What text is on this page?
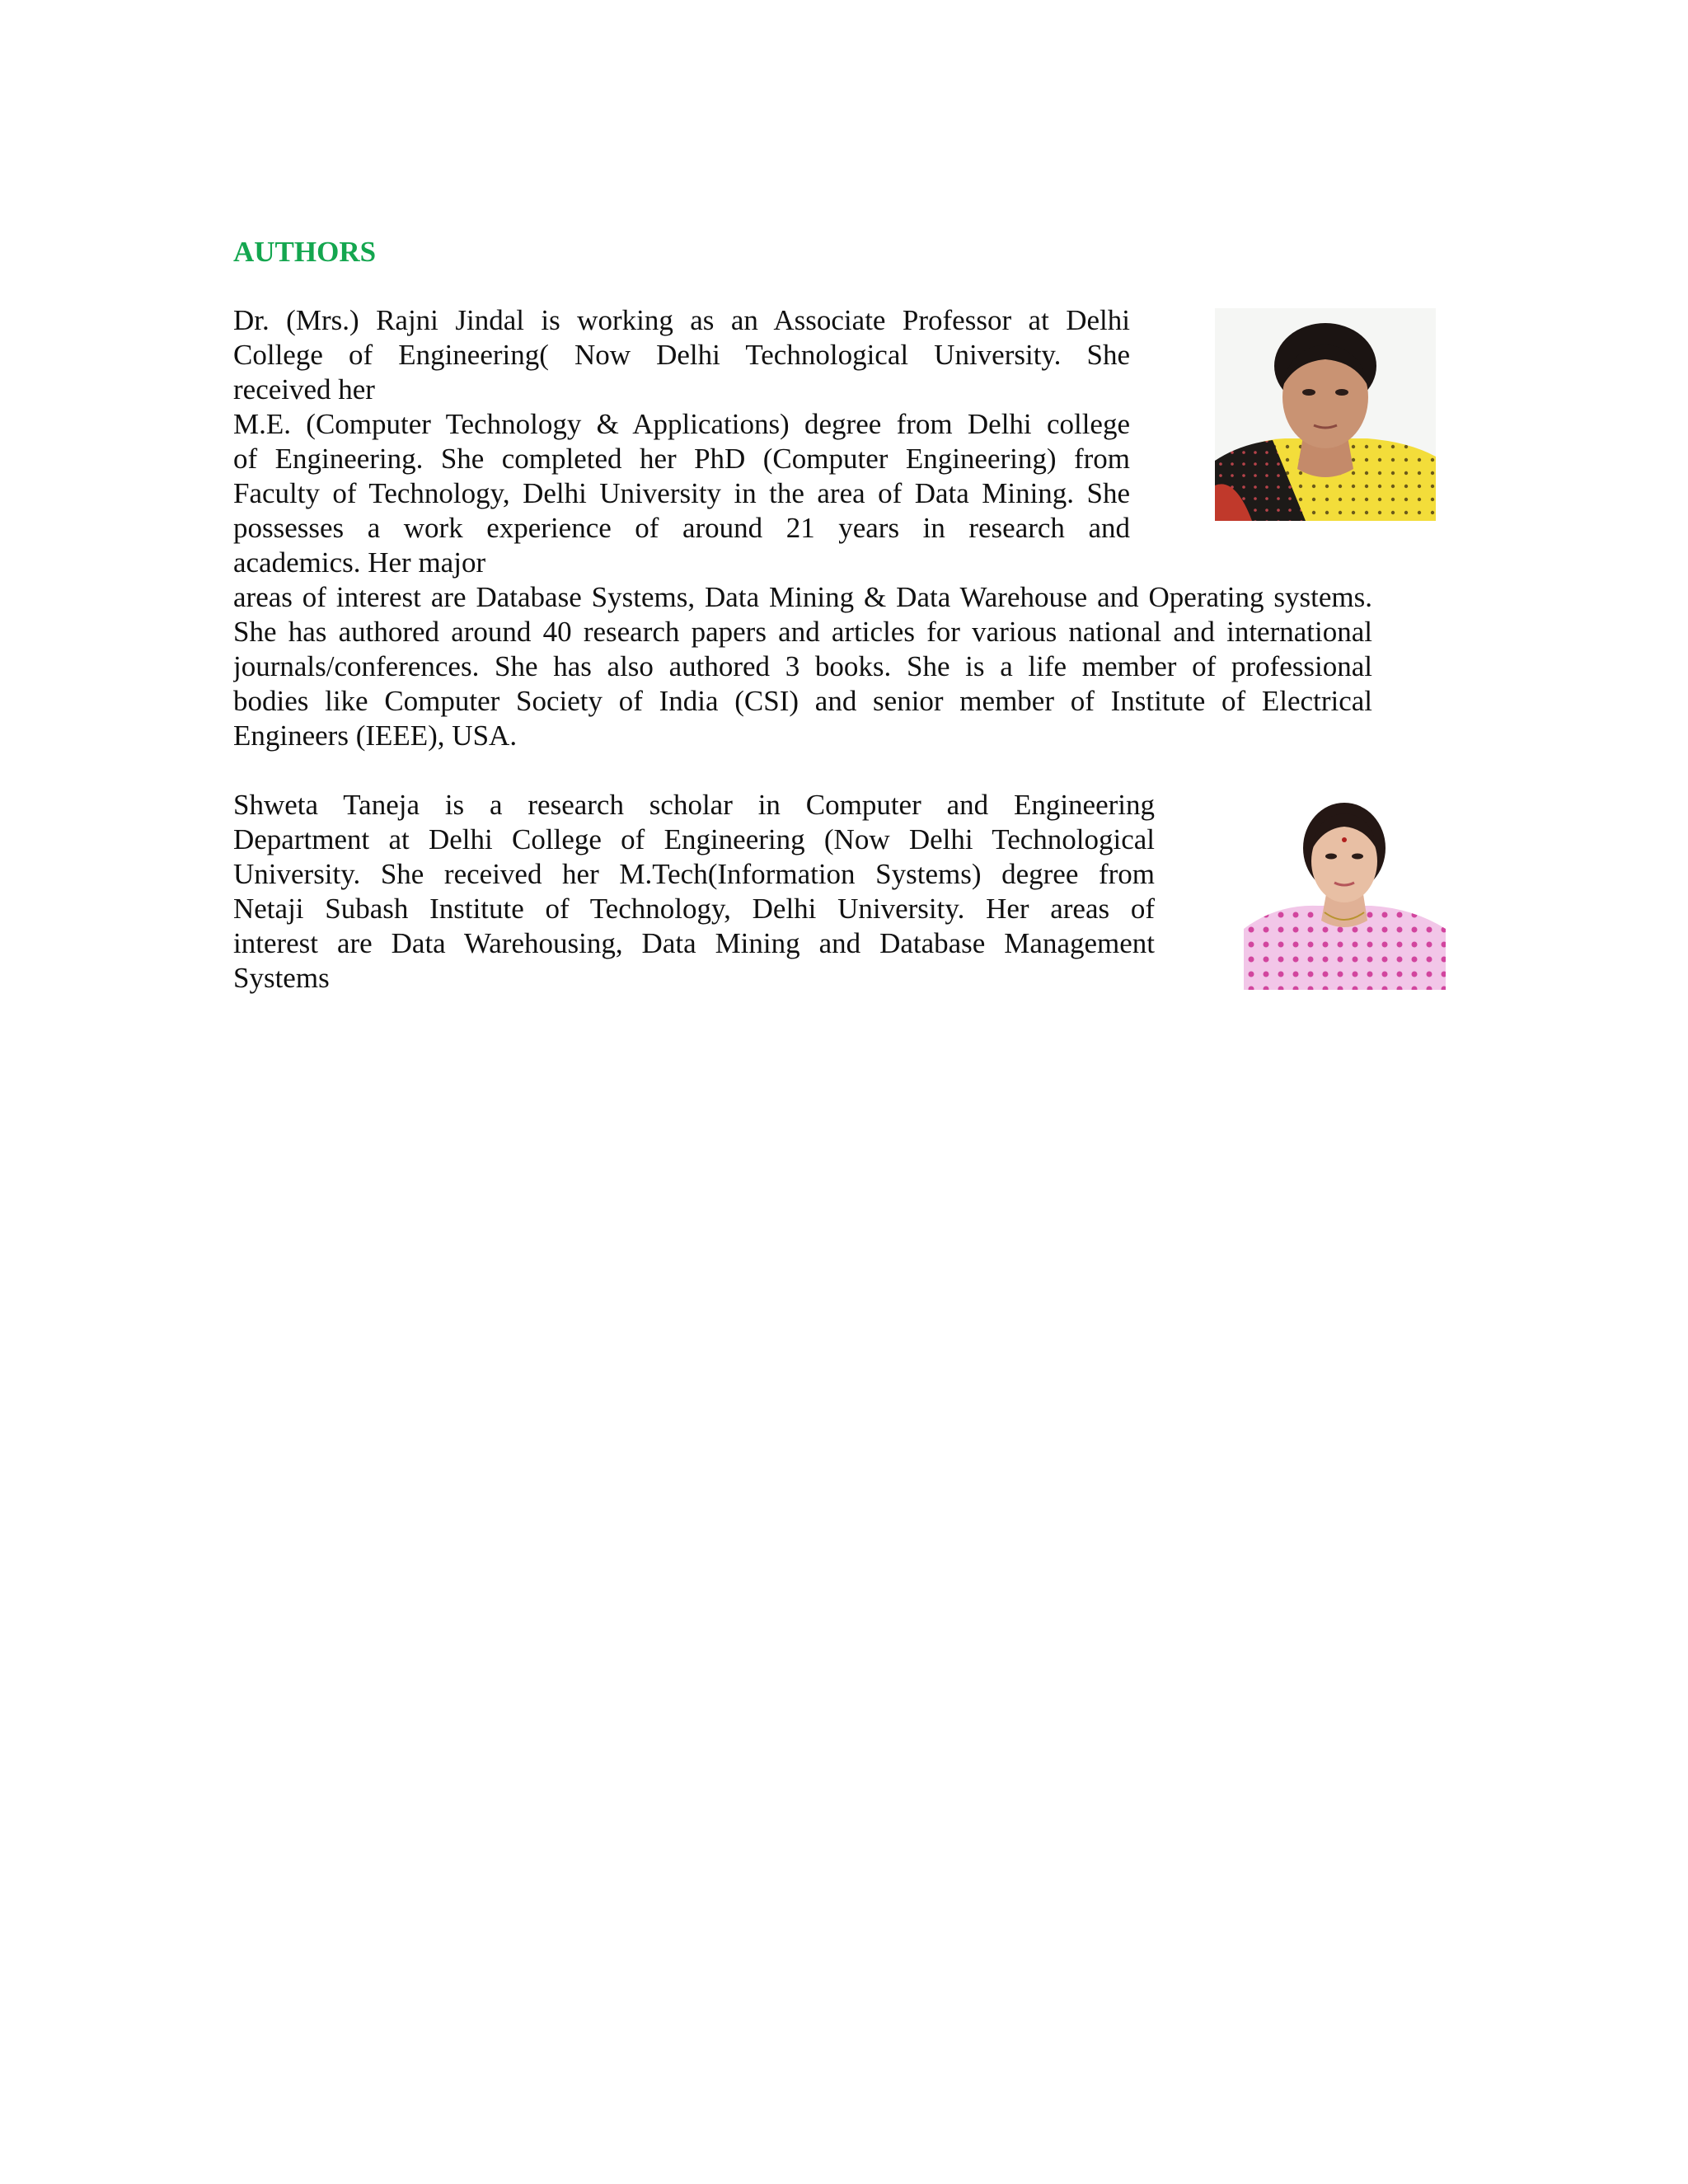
AUTHORS

Dr. (Mrs.) Rajni Jindal is working as an Associate Professor at Delhi

College of Engineering( Now Delhi Technological University. She

received her

M.E. (Computer Technology & Applications) degree from Delhi college

of Engineering. She completed her PhD (Computer Engineering) from

Faculty of Technology, Delhi University in the area of Data Mining. She

possesses a work experience of around 21 years in research and

academics. Her major

areas of interest are Database Systems, Data Mining & Data Warehouse and Operating systems.

She has authored around 40 research papers and articles for various national and international

journals/conferences. She has also authored 3 books. She is a life member of professional

bodies like Computer Society of India (CSI) and senior member of Institute of Electrical

Engineers (IEEE), USA.

Shweta Taneja is a research scholar in Computer and Engineering

Department at Delhi College of Engineering (Now Delhi Technological

University. She received her M.Tech(Information Systems) degree from

Netaji Subash Institute of Technology, Delhi University. Her areas of

interest are Data Warehousing, Data Mining and Database Management

Systems
